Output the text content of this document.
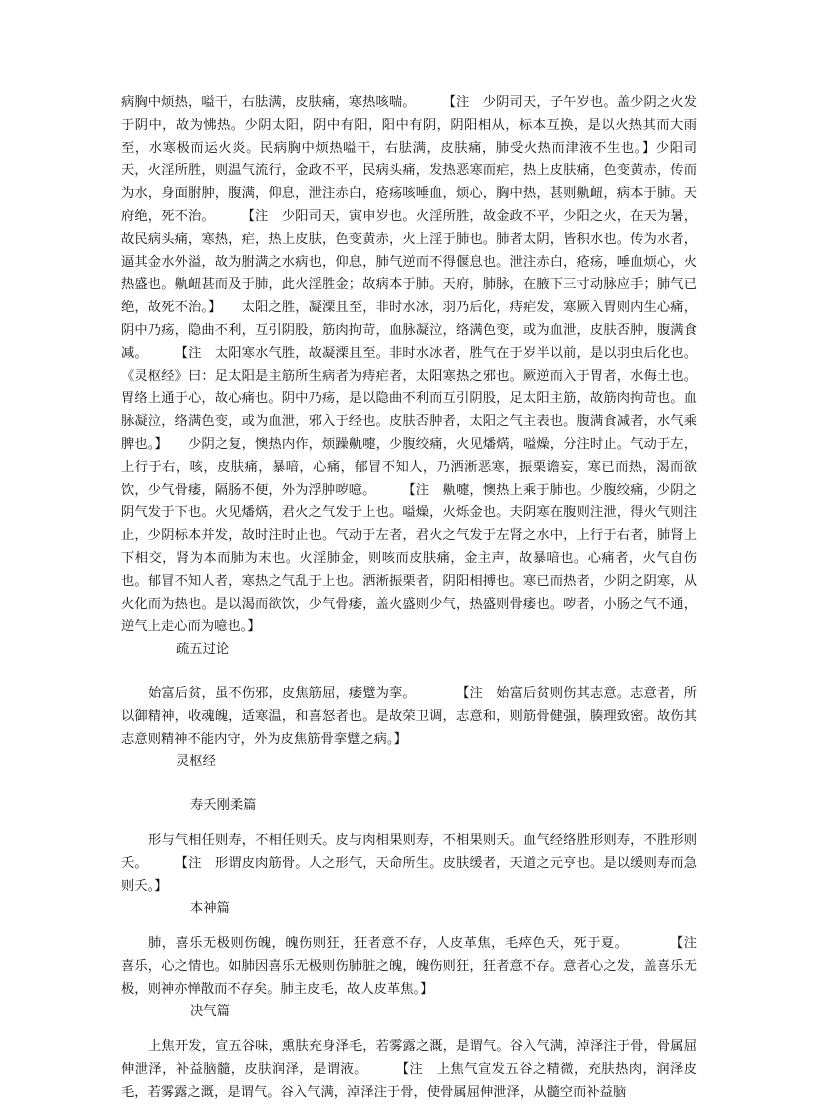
病胸中烦热，嗌干，右胠满，皮肤痛，寒热咳喘。　　　【注　少阴司天，子午岁也。盖少阴之火发于阴中，故为怫热。少阴太阳，阴中有阳，阳中有阴，阴阳相从，标本互换，是以火热其而大雨至，水寒极而运火炎。民病胸中烦热嗌干，右胠满，皮肤痛，肺受火热而津液不生也。】少阳司天，火淫所胜，则温气流行，金政不平，民病头痛，发热恶寒而疟，热上皮肤痛，色变黄赤，传而为水，身面胕肿，腹满，仰息，泄注赤白，疮疡咳唾血，烦心，胸中热，甚则鼽衄，病本于肺。天府绝，死不治。　　　【注　少阳司天，寅申岁也。火淫所胜，故金政不平，少阳之火，在天为暑，故民病头痛，寒热，疟，热上皮肤，色变黄赤，火上淫于肺也。肺者太阴，皆积水也。传为水者，逼其金水外溢，故为胕满之水病也，仰息，肺气逆而不得偃息也。泄注赤白，疮疡，唾血烦心，火热盛也。鼽衄甚而及于肺，此火淫胜金；故病本于肺。天府，肺脉，在腋下三寸动脉应手；肺气已绝，故死不治。】　　太阳之胜，凝溧且至，非时水冰，羽乃后化，痔疟发，寒厥入胃则内生心痛，阴中乃疡，隐曲不利，互引阴股，筋肉拘苛，血脉凝泣，络满色变，或为血泄，皮肤否肿，腹满食减。　　　【注　太阳寒水气胜，故凝溧且至。非时水冰者，胜气在于岁半以前，是以羽虫后化也。《灵枢经》曰：足太阳是主筋所生病者为痔疟者，太阳寒热之邪也。厥逆而入于胃者，水侮土也。胃络上通于心，故心痛也。阴中乃疡，是以隐曲不利而互引阴股，足太阳主筋，故筋肉拘苛也。血脉凝泣，络满色变，或为血泄，邪入于经也。皮肤否肿者，太阳之气主表也。腹满食减者，水气乘脾也。】　　少阴之复，懊热内作，烦躁鼽嚏，少腹绞痛，火见燔焫，嗌燥，分注时止。气动于左，上行于右，咳，皮肤痛，暴喑，心痛，郁冒不知人，乃洒淅恶寒，振栗谵妄，寒已而热，渴而欲饮，少气骨痿，隔肠不便，外为浮肿哕噫。　　　【注　鼽嚏，懊热上乘于肺也。少腹绞痛，少阴之阴气发于下也。火见燔焫，君火之气发于上也。嗌燥，火烁金也。夫阴寒在腹则注泄，得火气则注止，少阴标本并发，故时注时止也。气动于左者，君火之气发于左肾之水中，上行于右者，肺肾上下相交，肾为本而肺为末也。火淫肺金，则咳而皮肤痛，金主声，故暴喑也。心痛者，火气自伤也。郁冒不知人者，寒热之气乱于上也。洒淅振栗者，阴阳相搏也。寒已而热者，少阴之阴寒，从火化而为热也。是以渴而欲饮，少气骨痿，盖火盛则少气，热盛则骨痿也。哕者，小肠之气不通，逆气上走心而为噫也。】

疏五过论

始富后贫，虽不伤邪，皮焦筋屈，痿躄为挛。　　　　【注　始富后贫则伤其志意。志意者，所以御精神，收魂魄，适寒温，和喜怒者也。是故荣卫调，志意和，则筋骨健强，腠理致密。故伤其志意则精神不能内守，外为皮焦筋骨挛躄之病。】

灵枢经
寿夭刚柔篇

形与气相任则寿，不相任则夭。皮与肉相果则寿，不相果则夭。血气经络胜形则寿，不胜形则夭。　　　【注　形谓皮肉筋骨。人之形气，天命所生。皮肤缓者，天道之元亨也。是以缓则寿而急则夭。】

本神篇

肺，喜乐无极则伤魄，魄伤则狂，狂者意不存，人皮革焦，毛瘁色夭，死于夏。　　　　【注　喜乐，心之情也。如肺因喜乐无极则伤肺脏之魄，魄伤则狂，狂者意不存。意者心之发，盖喜乐无极，则神亦惮散而不存矣。肺主皮毛，故人皮革焦。】

决气篇

上焦开发，宣五谷味，熏肤充身泽毛，若雾露之溉，是谓气。谷入气满，淖泽注于骨，骨属屈伸泄泽，补益脑髓，皮肤润泽，是谓液。　　　【注　上焦气宣发五谷之精微，充肤热肉，润泽皮毛，若雾露之溉，是谓气。谷入气满，淖泽注于骨，使骨属屈伸泄泽，从髓空而补益脑
